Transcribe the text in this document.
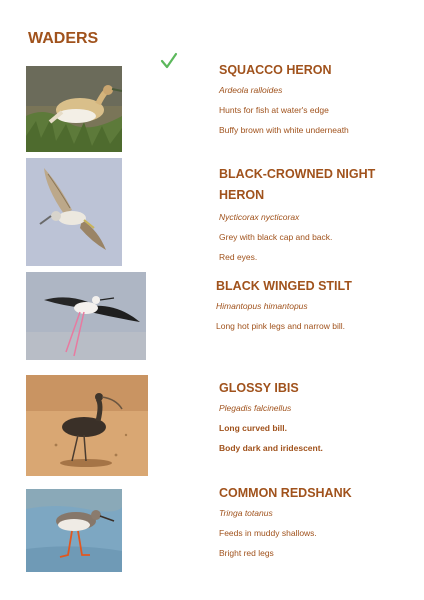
WADERS
SQUACCO HERON
Ardeola ralloides
Hunts for fish at water's edge
Buffy brown with white underneath
BLACK-CROWNED NIGHT
HERON
Nycticorax nycticorax
Grey with black cap and back.
Red eyes.
BLACK WINGED STILT
Himantopus himantopus
Long hot pink legs and narrow bill.
GLOSSY IBIS
Plegadis falcinellus
Long curved bill.
Body dark and iridescent.
COMMON REDSHANK
Tringa totanus
Feeds in muddy shallows.
Bright red legs
